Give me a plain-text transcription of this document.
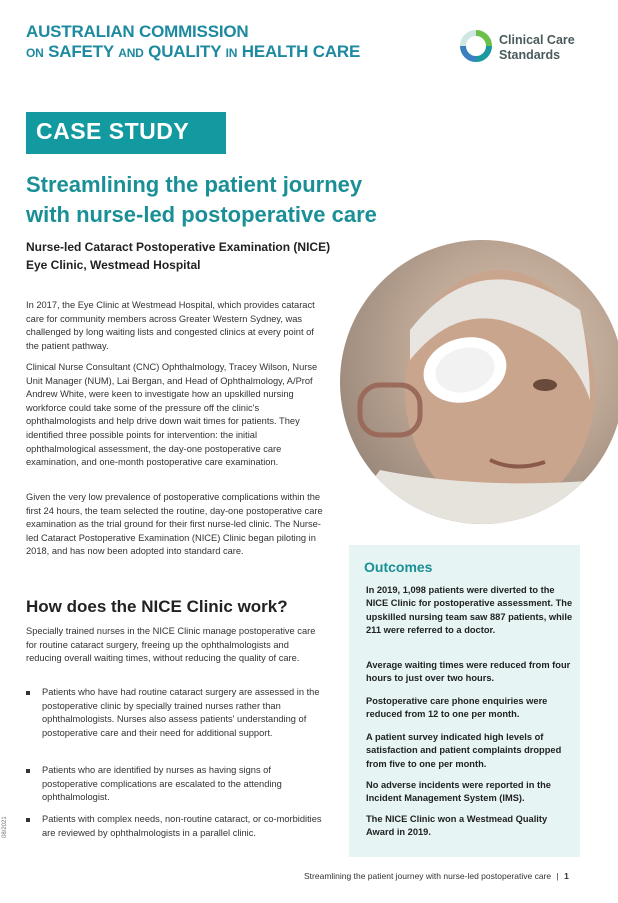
AUSTRALIAN COMMISSION
ON SAFETY AND QUALITY IN HEALTH CARE
Clinical Care
Standards
CASE STUDY
Streamlining the patient journey
with nurse-led postoperative care
Nurse-led Cataract Postoperative Examination (NICE)
Eye Clinic, Westmead Hospital
In 2017, the Eye Clinic at Westmead Hospital, which provides cataract care for community members across Greater Western Sydney, was challenged by long waiting lists and congested clinics at every point of the patient pathway.
Clinical Nurse Consultant (CNC) Ophthalmology, Tracey Wilson, Nurse Unit Manager (NUM), Lai Bergan, and Head of Ophthalmology, A/Prof Andrew White, were keen to investigate how an upskilled nursing workforce could take some of the pressure off the clinic's ophthalmologists and help drive down wait times for patients. They identified three possible points for intervention: the initial ophthalmological assessment, the day-one postoperative care examination, and one-month postoperative care examination.
Given the very low prevalence of postoperative complications within the first 24 hours, the team selected the routine, day-one postoperative care examination as the trial ground for their first nurse-led clinic. The Nurse-led Cataract Postoperative Examination (NICE) Clinic began piloting in 2018, and has now been adopted into standard care.
How does the NICE Clinic work?
Specially trained nurses in the NICE Clinic manage postoperative care for routine cataract surgery, freeing up the ophthalmologists and reducing overall waiting times, without reducing the quality of care.
Patients who have had routine cataract surgery are assessed in the postoperative clinic by specially trained nurses rather than ophthalmologists. Nurses also assess patients' understanding of postoperative care and their need for additional support.
Patients who are identified by nurses as having signs of postoperative complications are escalated to the attending ophthalmologist.
Patients with complex needs, non-routine cataract, or co-morbidities are reviewed by ophthalmologists in a parallel clinic.
Outcomes
In 2019, 1,098 patients were diverted to the NICE Clinic for postoperative assessment. The upskilled nursing team saw 887 patients, while 211 were referred to a doctor.
Average waiting times were reduced from four hours to just over two hours.
Postoperative care phone enquiries were reduced from 12 to one per month.
A patient survey indicated high levels of satisfaction and patient complaints dropped from five to one per month.
No adverse incidents were reported in the Incident Management System (IMS).
The NICE Clinic won a Westmead Quality Award in 2019.
Streamlining the patient journey with nurse-led postoperative care | 1
08/2021
